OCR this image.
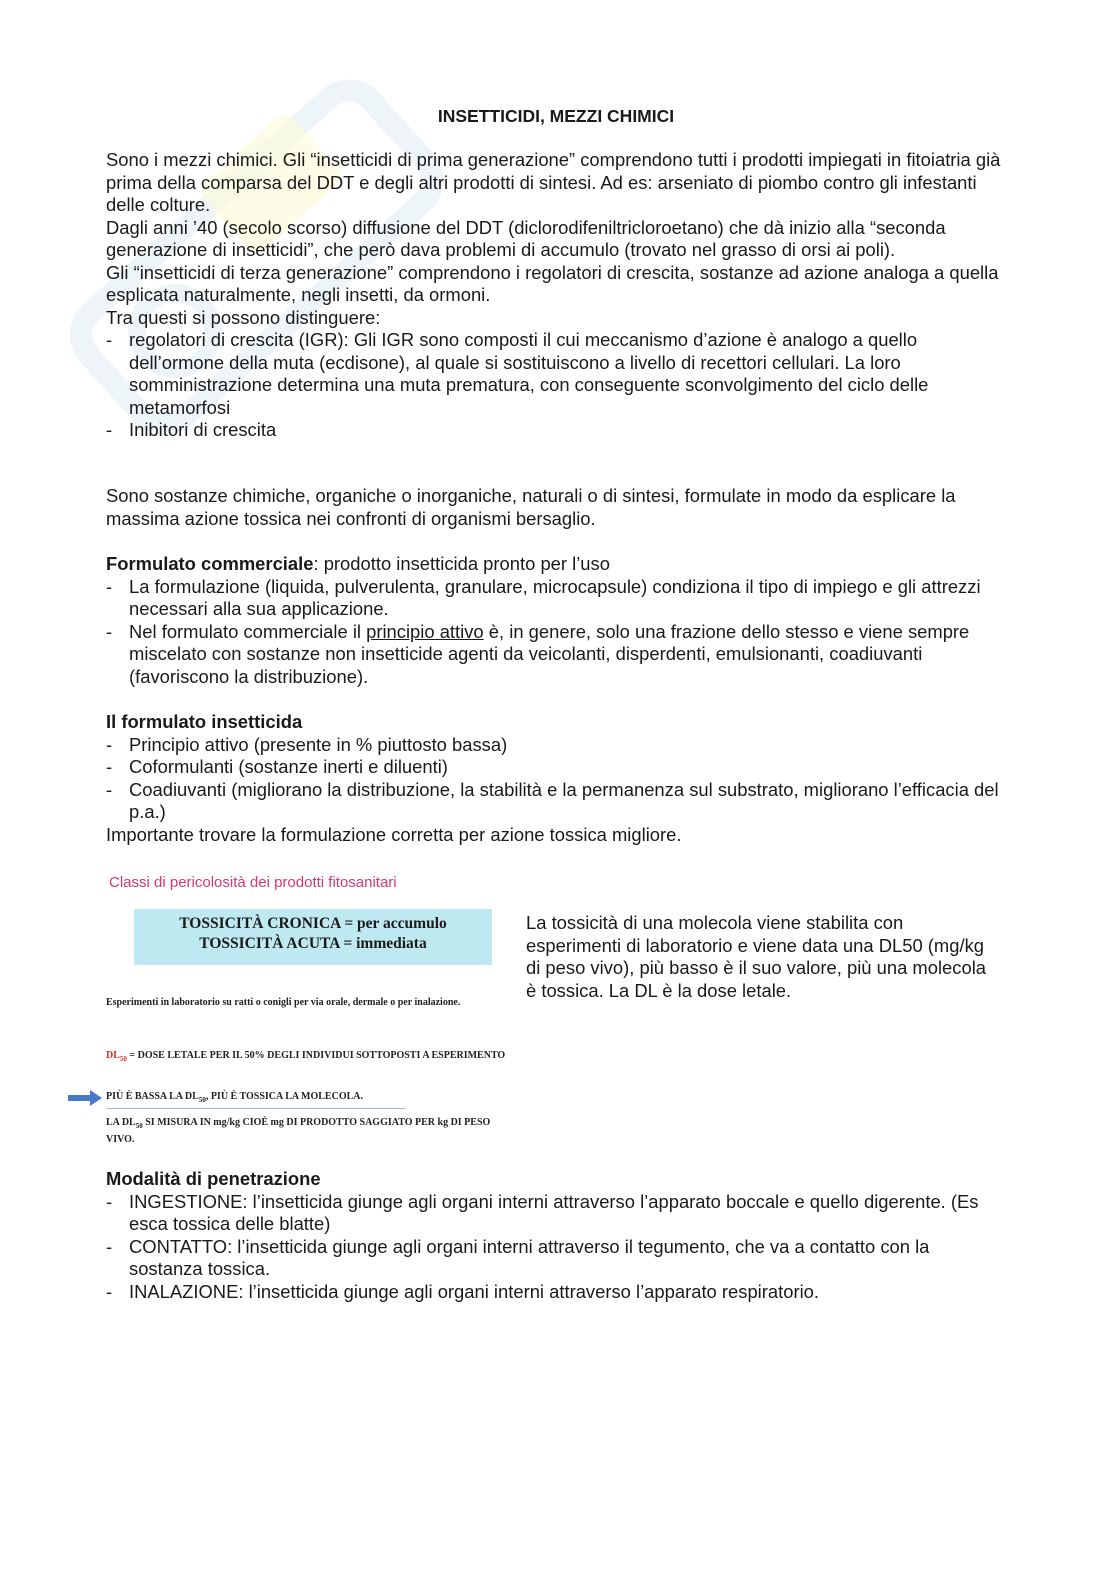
INSETTICIDI, MEZZI CHIMICI

Sono i mezzi chimici. Gli “insetticidi di prima generazione” comprendono tutti i prodotti impiegati in fitoiatria già prima della comparsa del DDT e degli altri prodotti di sintesi. Ad es: arseniato di piombo contro gli infestanti delle colture.

Dagli anni ’40 (secolo scorso) diffusione del DDT (diclorodifeniltricloroetano) che dà inizio alla “seconda generazione di insetticidi”, che però dava problemi di accumulo (trovato nel grasso di orsi ai poli).

Gli “insetticidi di terza generazione” comprendono i regolatori di crescita, sostanze ad azione analoga a quella esplicata naturalmente, negli insetti, da ormoni.

Tra questi si possono distinguere:

- regolatori di crescita (IGR): Gli IGR sono composti il cui meccanismo d’azione è analogo a quello dell’ormone della muta (ecdisone), al quale si sostituiscono a livello di recettori cellulari. La loro somministrazione determina una muta prematura, con conseguente sconvolgimento del ciclo delle metamorfosi
- Inibitori di crescita

Sono sostanze chimiche, organiche o inorganiche, naturali o di sintesi, formulate in modo da esplicare la massima azione tossica nei confronti di organismi bersaglio.

Formulato commerciale: prodotto insetticida pronto per l’uso

- La formulazione (liquida, pulverulenta, granulare, microcapsule) condiziona il tipo di impiego e gli attrezzi necessari alla sua applicazione.
- Nel formulato commerciale il principio attivo è, in genere, solo una frazione dello stesso e viene sempre miscelato con sostanze non insetticide agenti da veicolanti, disperdenti, emulsionanti, coadiuvanti (favoriscono la distribuzione).

Il formulato insetticida

- Principio attivo (presente in % piuttosto bassa)
- Coformulanti (sostanze inerti e diluenti)
- Coadiuvanti (migliorano la distribuzione, la stabilità e la permanenza sul substrato, migliorano l’efficacia del p.a.)

Importante trovare la formulazione corretta per azione tossica migliore.

Classi di pericolosità dei prodotti fitosanitari
TOSSICITÀ CRONICA = per accumulo
TOSSICITÀ ACUTA = immediata
Esperimenti in laboratorio su ratti o conigli per via orale, dermale o per inalazione.
$DL_{50}$ = DOSE LETALE PER IL 50% DEGLI INDIVIDUI SOTTOPOSTI A ESPERIMENTO
PIÙ È BASSA LA $DL_{50}$, PIÙ È TOSSICA LA MOLECOLA.
LA $DL_{50}$ SI MISURA IN mg/kg CIOÈ mg DI PRODOTTO SAGGIATO PER kg DI PESO VIVO.
La tossicità di una molecola viene stabilita con esperimenti di laboratorio e viene data una DL50 (mg/kg di peso vivo), più basso è il suo valore, più una molecola è tossica. La DL è la dose letale.

Modalità di penetrazione

- INGESTIONE: l’insetticida giunge agli organi interni attraverso l’apparato boccale e quello digerente. (Es esca tossica delle blatte)
- CONTATTO: l’insetticida giunge agli organi interni attraverso il tegumento, che va a contatto con la sostanza tossica.
- INALAZIONE: l’insetticida giunge agli organi interni attraverso l’apparato respiratorio.
